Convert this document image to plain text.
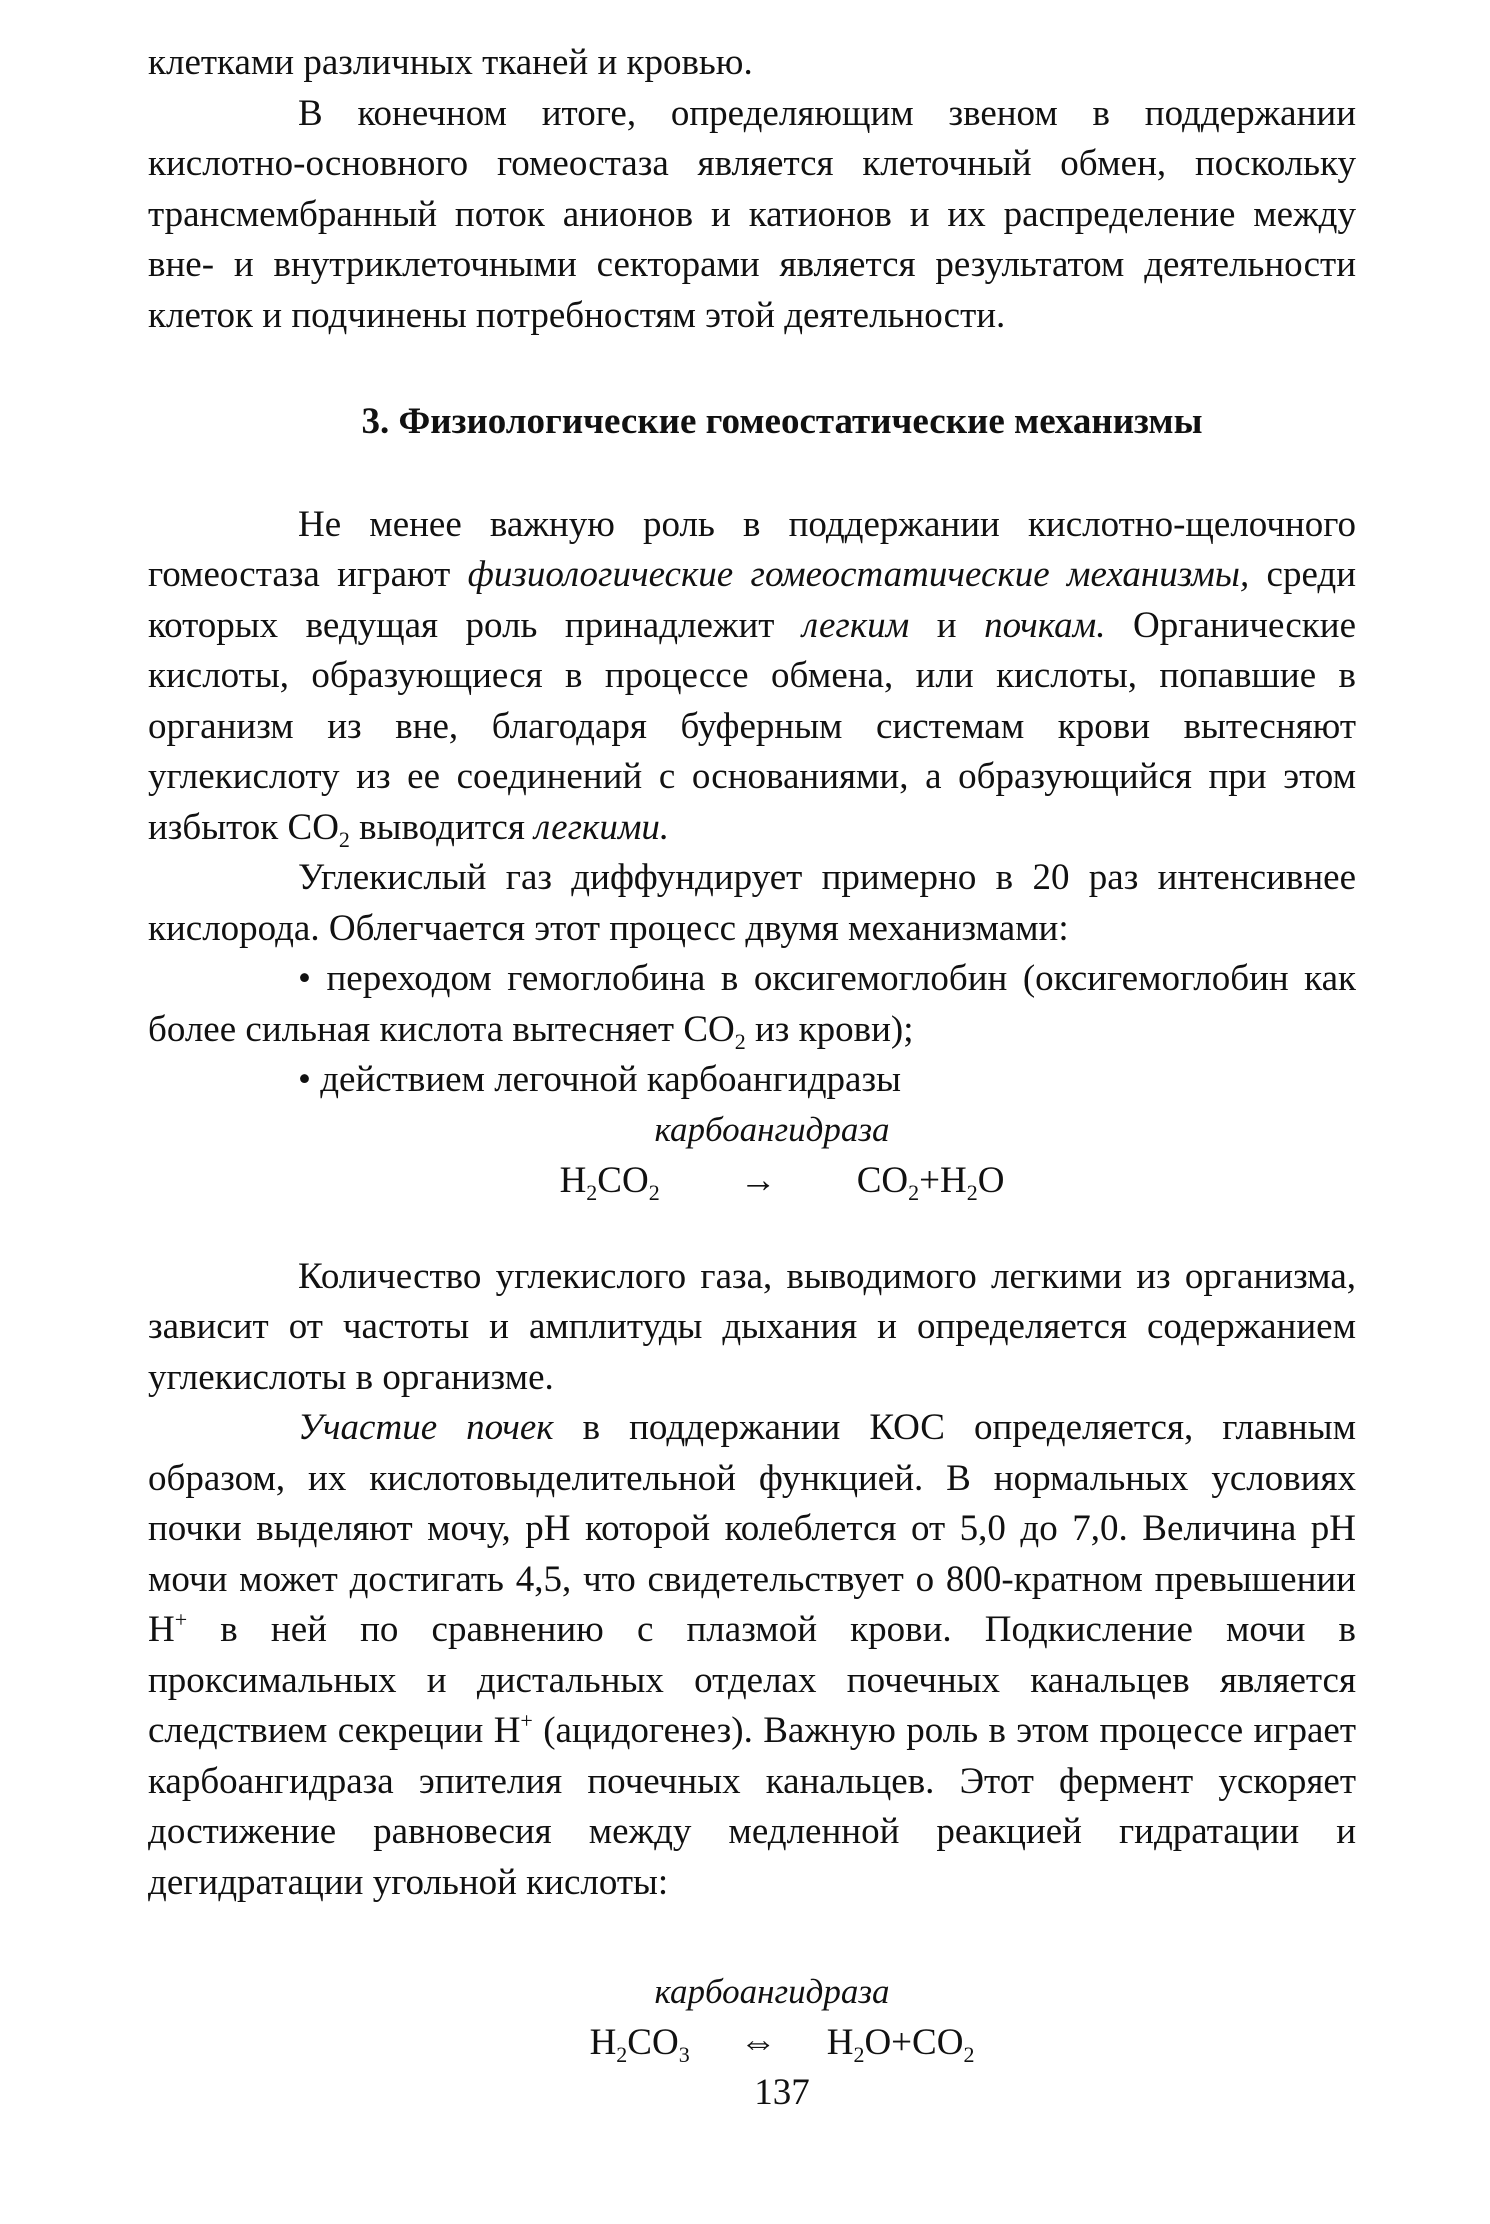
клетками различных тканей и кровью.

В конечном итоге, определяющим звеном в поддержании кислотно-основного гомеостаза является клеточный обмен, поскольку трансмембранный поток анионов и катионов и их распределение между вне- и внутриклеточными секторами является результатом деятельности клеток и подчинены потребностям этой деятельности.

3. Физиологические гомеостатические механизмы

Не менее важную роль в поддержании кислотно-щелочного гомеостаза играют физиологические гомеостатические механизмы, среди которых ведущая роль принадлежит легким и почкам. Органические кислоты, образующиеся в процессе обмена, или кислоты, попавшие в организм из вне, благодаря буферным системам крови вытесняют углекислоту из ее соединений с основаниями, а образующийся при этом избыток $СО_2$ выводится легкими.

Углекислый газ диффундирует примерно в 20 раз интенсивнее кислорода. Облегчается этот процесс двумя механизмами:

• переходом гемоглобина в оксигемоглобин (оксигемоглобин как более сильная кислота вытесняет $СО_2$ из крови);

• действием легочной карбоангидразы

карбоангидраза
$Н_2СО_2 \to СО_2+Н_2О$

Количество углекислого газа, выводимого легкими из организма, зависит от частоты и амплитуды дыхания и определяется содержанием углекислоты в организме.

Участие почек в поддержании КОС определяется, главным образом, их кислотовыделительной функцией. В нормальных условиях почки выделяют мочу, рН которой колеблется от 5,0 до 7,0. Величина рН мочи может достигать 4,5, что свидетельствует о 800-кратном превышении Н+ в ней по сравнению с плазмой крови. Подкисление мочи в проксимальных и дистальных отделах почечных канальцев является следствием секреции Н+ (ацидогенез). Важную роль в этом процессе играет карбоангидраза эпителия почечных канальцев. Этот фермент ускоряет достижение равновесия между медленной реакцией гидратации и дегидратации угольной кислоты:

карбоангидраза
$Н_2СО_3$ ⇔ $Н_2О+СО_2$
137
